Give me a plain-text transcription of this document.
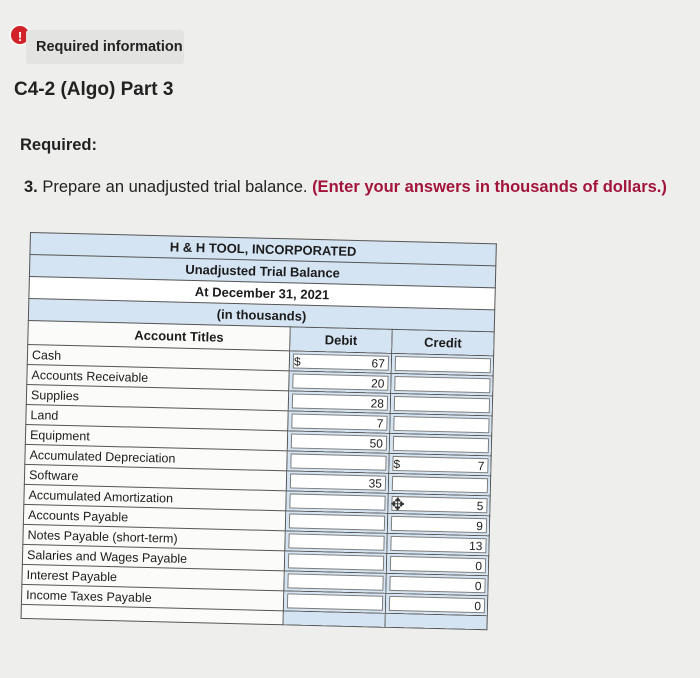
!
Required information
C4-2 (Algo) Part 3
Required:
3. Prepare an unadjusted trial balance. (Enter your answers in thousands of dollars.)
H & H TOOL, INCORPORATED		
Unadjusted Trial Balance		
At December 31, 2021		
(in thousands)		
Account Titles	Debit	Credit
Cash	$ 67	

Accounts Receivable	20	

Supplies	28	

Land	7	

Equipment	50	

Accumulated Depreciation		$ 7

Software	35	

Accumulated Amortization		5

Accounts Payable		9

Notes Payable (short-term)		13

Salaries and Wages Payable		0

Interest Payable		0

Income Taxes Payable		0

✥
